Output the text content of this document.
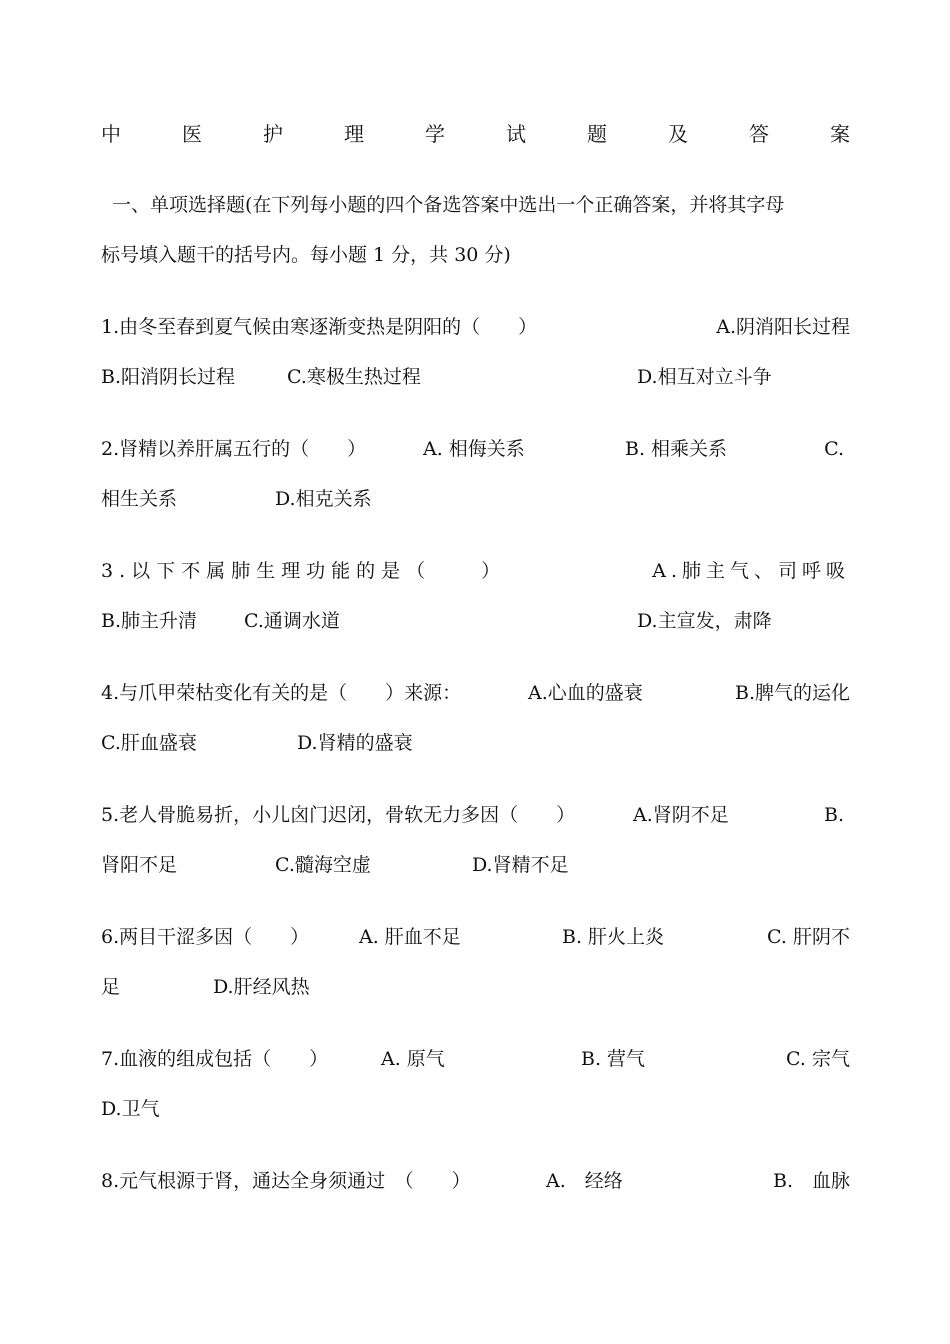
中	医	护	理	学	试	题	及	答	案
一、单项选择题(在下列每小题的四个备选答案中选出一个正确答案，并将其字母
标号填入题干的括号内。每小题 1 分，共 30 分)
1.由冬至春到夏气候由寒逐渐变热是阴阳的（　　）	A.阴消阳长过程
B.阳消阴长过程	C.寒极生热过程	D.相互对立斗争
2.肾精以养肝属五行的（　　）	A. 相侮关系	B. 相乘关系	C.
相生关系	D.相克关系
3.以下不属肺生理功能的是（　　）	A.肺主气、司呼吸
B.肺主升清 C.通调水道	D.主宣发，肃降
4.与爪甲荣枯变化有关的是（　　）来源：	A.心血的盛衰	B.脾气的运化
C.肝血盛衰	D.肾精的盛衰
5.老人骨脆易折，小儿囟门迟闭，骨软无力多因（　　）	A.肾阴不足	B.
肾阳不足	C.髓海空虚	D.肾精不足
6.两目干涩多因（　　）	A. 肝血不足	B. 肝火上炎	C. 肝阴不
足	D.肝经风热
7.血液的组成包括（　　）	A. 原气	B. 营气	C. 宗气
D.卫气
8.元气根源于肾，通达全身须通过　（　　）	A.　经络	B.　血脉
